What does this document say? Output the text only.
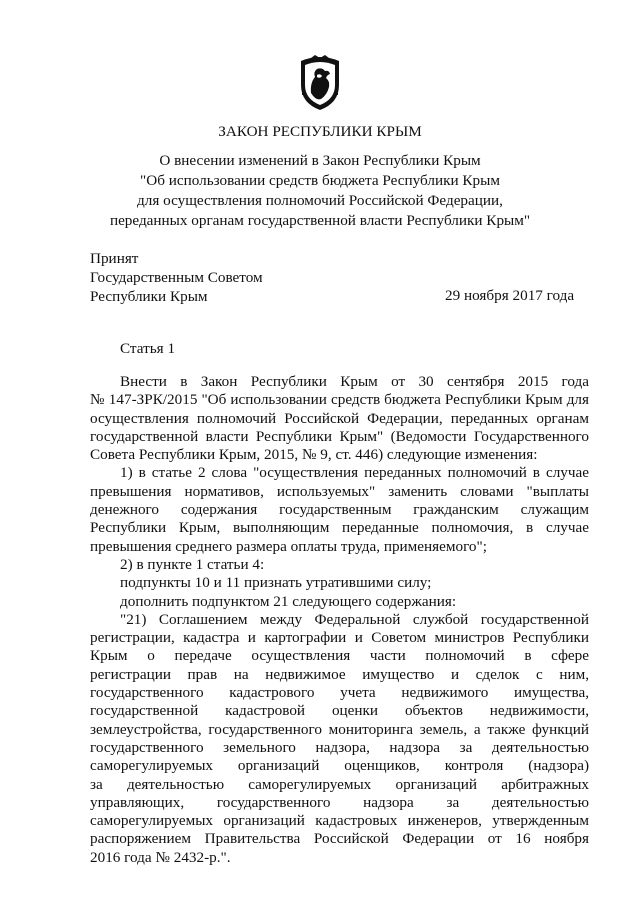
ЗАКОН РЕСПУБЛИКИ КРЫМ
О внесении изменений в Закон Республики Крым
"Об использовании средств бюджета Республики Крым
для осуществления полномочий Российской Федерации,
переданных органам государственной власти Республики Крым"
Принят
Государственным Советом
Республики Крым	29 ноября 2017 года
Статья 1
Внести в Закон Республики Крым от 30 сентября 2015 года
№ 147-ЗРК/2015 "Об использовании средств бюджета Республики Крым для
осуществления полномочий Российской Федерации, переданных органам
государственной власти Республики Крым" (Ведомости Государственного
Совета Республики Крым, 2015, № 9, ст. 446) следующие изменения:
1) в статье 2 слова "осуществления переданных полномочий в случае
превышения нормативов, используемых" заменить словами "выплаты
денежного содержания государственным гражданским служащим
Республики Крым, выполняющим переданные полномочия, в случае
превышения среднего размера оплаты труда, применяемого";
2) в пункте 1 статьи 4:
подпункты 10 и 11 признать утратившими силу;
дополнить подпунктом 21 следующего содержания:
"21) Соглашением между Федеральной службой государственной
регистрации, кадастра и картографии и Советом министров Республики
Крым о передаче осуществления части полномочий в сфере
регистрации прав на недвижимое имущество и сделок с ним,
государственного кадастрового учета недвижимого имущества,
государственной кадастровой оценки объектов недвижимости,
землеустройства, государственного мониторинга земель, а также функций
государственного земельного надзора, надзора за деятельностью
саморегулируемых организаций оценщиков, контроля (надзора)
за деятельностью саморегулируемых организаций арбитражных
управляющих, государственного надзора за деятельностью
саморегулируемых организаций кадастровых инженеров, утвержденным
распоряжением Правительства Российской Федерации от 16 ноября
2016 года № 2432-р.".
